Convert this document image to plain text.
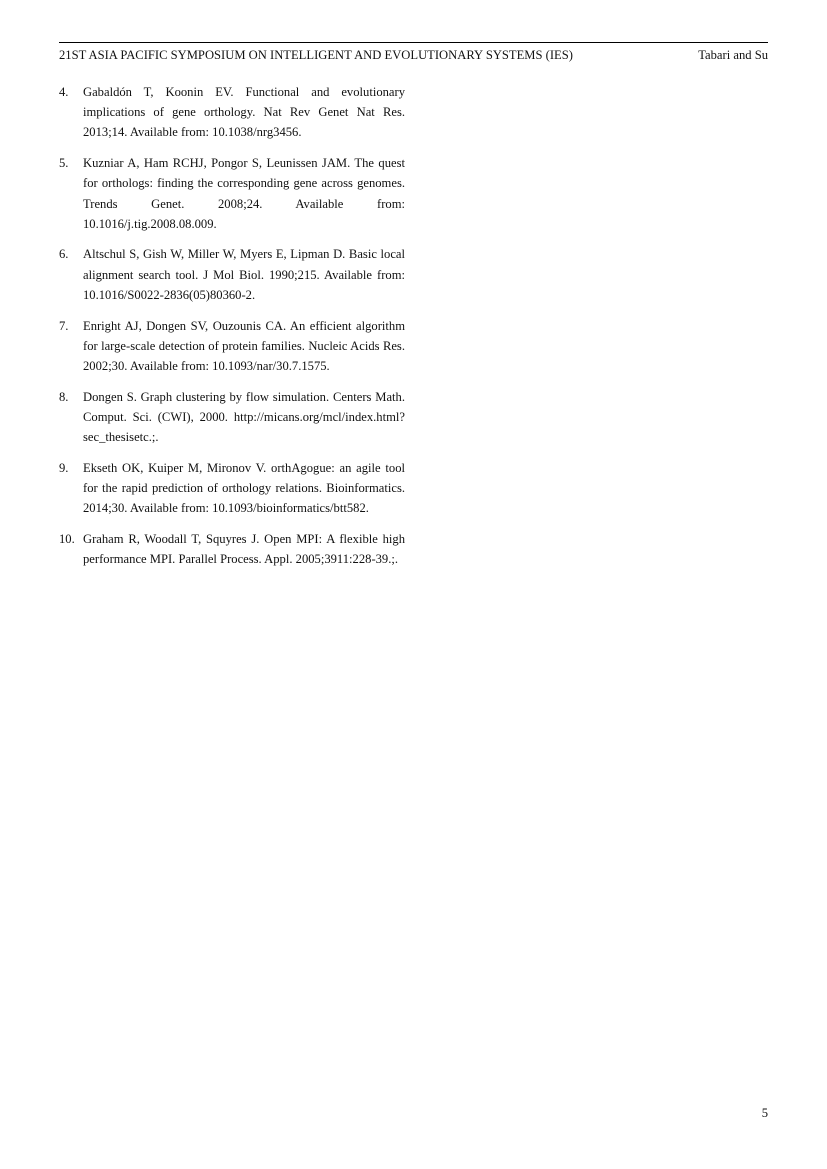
21ST ASIA PACIFIC SYMPOSIUM ON INTELLIGENT AND EVOLUTIONARY SYSTEMS (IES)	Tabari and Su
4.	Gabaldón T, Koonin EV. Functional and evolutionary implications of gene orthology. Nat Rev Genet Nat Res. 2013;14. Available from: 10.1038/nrg3456.
5.	Kuzniar A, Ham RCHJ, Pongor S, Leunissen JAM. The quest for orthologs: finding the corresponding gene across genomes. Trends Genet. 2008;24. Available from: 10.1016/j.tig.2008.08.009.
6.	Altschul S, Gish W, Miller W, Myers E, Lipman D. Basic local alignment search tool. J Mol Biol. 1990;215. Available from: 10.1016/S0022-2836(05)80360-2.
7.	Enright AJ, Dongen SV, Ouzounis CA. An efficient algorithm for large-scale detection of protein families. Nucleic Acids Res. 2002;30. Available from: 10.1093/nar/30.7.1575.
8.	Dongen S. Graph clustering by flow simulation. Centers Math. Comput. Sci. (CWI), 2000. http://micans.org/mcl/index.html?sec_thesisetc.;.
9.	Ekseth OK, Kuiper M, Mironov V. orthAgogue: an agile tool for the rapid prediction of orthology relations. Bioinformatics. 2014;30. Available from: 10.1093/bioinformatics/btt582.
10. Graham R, Woodall T, Squyres J. Open MPI: A flexible high performance MPI. Parallel Process. Appl. 2005;3911:228-39.;.
5
